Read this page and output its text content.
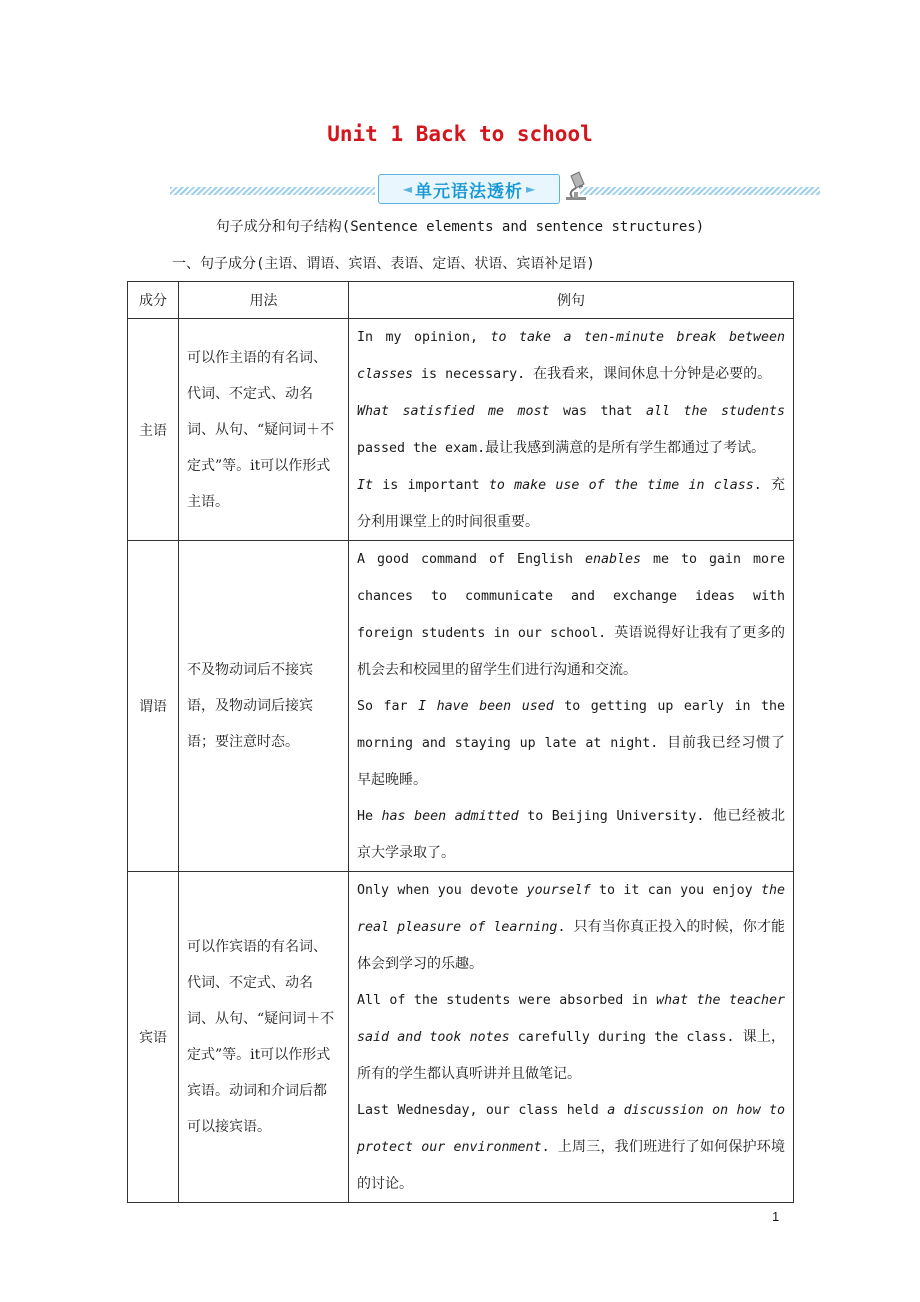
Unit 1 Back to school
◄ 单元语法透析 ►
句子成分和句子结构(Sentence elements and sentence structures)
一、句子成分(主语、谓语、宾语、表语、定语、状语、宾语补足语)
成分	用法	例句
主语	可以作主语的有名词、代词、不定式、动名词、从句、“疑问词＋不定式”等。it可以作形式主语。	In my opinion, to take a ten-minute break between classes is necessary. 在我看来，课间休息十分钟是必要的。
What satisfied me most was that all the students passed the exam.最让我感到满意的是所有学生都通过了考试。
It is important to make use of the time in class. 充分利用课堂上的时间很重要。

谓语	不及物动词后不接宾语，及物动词后接宾语；要注意时态。	A good command of English enables me to gain more chances to communicate and exchange ideas with foreign students in our school. 英语说得好让我有了更多的机会去和校园里的留学生们进行沟通和交流。
So far I have been used to getting up early in the morning and staying up late at night. 目前我已经习惯了早起晚睡。
He has been admitted to Beijing University. 他已经被北京大学录取了。

宾语	可以作宾语的有名词、代词、不定式、动名词、从句、“疑问词＋不定式”等。it可以作形式宾语。动词和介词后都可以接宾语。	Only when you devote yourself to it can you enjoy the real pleasure of learning. 只有当你真正投入的时候，你才能体会到学习的乐趣。
All of the students were absorbed in what the teacher said and took notes carefully during the class. 课上，所有的学生都认真听讲并且做笔记。
Last Wednesday, our class held a discussion on how to protect our environment. 上周三，我们班进行了如何保护环境的讨论。
1
